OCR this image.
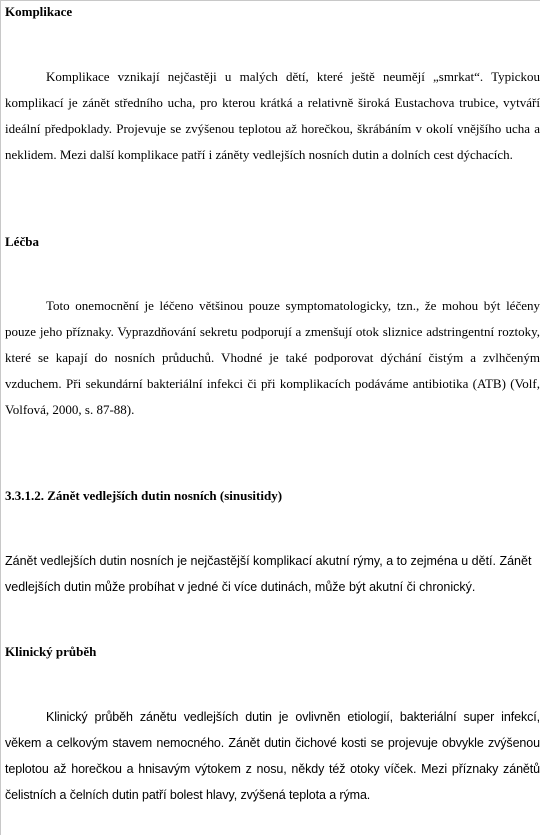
Komplikace
Komplikace vznikají nejčastěji u malých dětí, které ještě neumějí „smrkat“. Typickou komplikací je zánět středního ucha, pro kterou krátká a relativně široká Eustachova trubice, vytváří ideální předpoklady. Projevuje se zvýšenou teplotou až horečkou, škrábáním v okolí vnějšího ucha a neklidem. Mezi další komplikace patří i záněty vedlejších nosních dutin a dolních cest dýchacích.
Léčba
Toto onemocnění je léčeno většinou pouze symptomatologicky, tzn., že mohou být léčeny pouze jeho příznaky. Vyprazdňování sekretu podporují a zmenšují otok sliznice adstringentní roztoky, které se kapají do nosních průduchů. Vhodné je také podporovat dýchání čistým a zvlhčeným vzduchem. Při sekundární bakteriální infekci či při komplikacích podáváme antibiotika (ATB) (Volf, Volfová, 2000, s. 87-88).
3.3.1.2. Zánět vedlejších dutin nosních (sinusitidy)
Zánět vedlejších dutin nosních je nejčastější komplikací akutní rýmy, a to zejména u dětí. Zánět vedlejších dutin může probíhat v jedné či více dutinách, může být akutní či chronický.
Klinický průběh
Klinický průběh zánětu vedlejších dutin je ovlivněn etiologií, bakteriální super infekcí, věkem a celkovým stavem nemocného. Zánět dutin čichové kosti se projevuje obvykle zvýšenou teplotou až horečkou a hnisavým výtokem z nosu, někdy též otoky víček. Mezi příznaky zánětů čelistních a čelních dutin patří bolest hlavy, zvýšená teplota a rýma.
